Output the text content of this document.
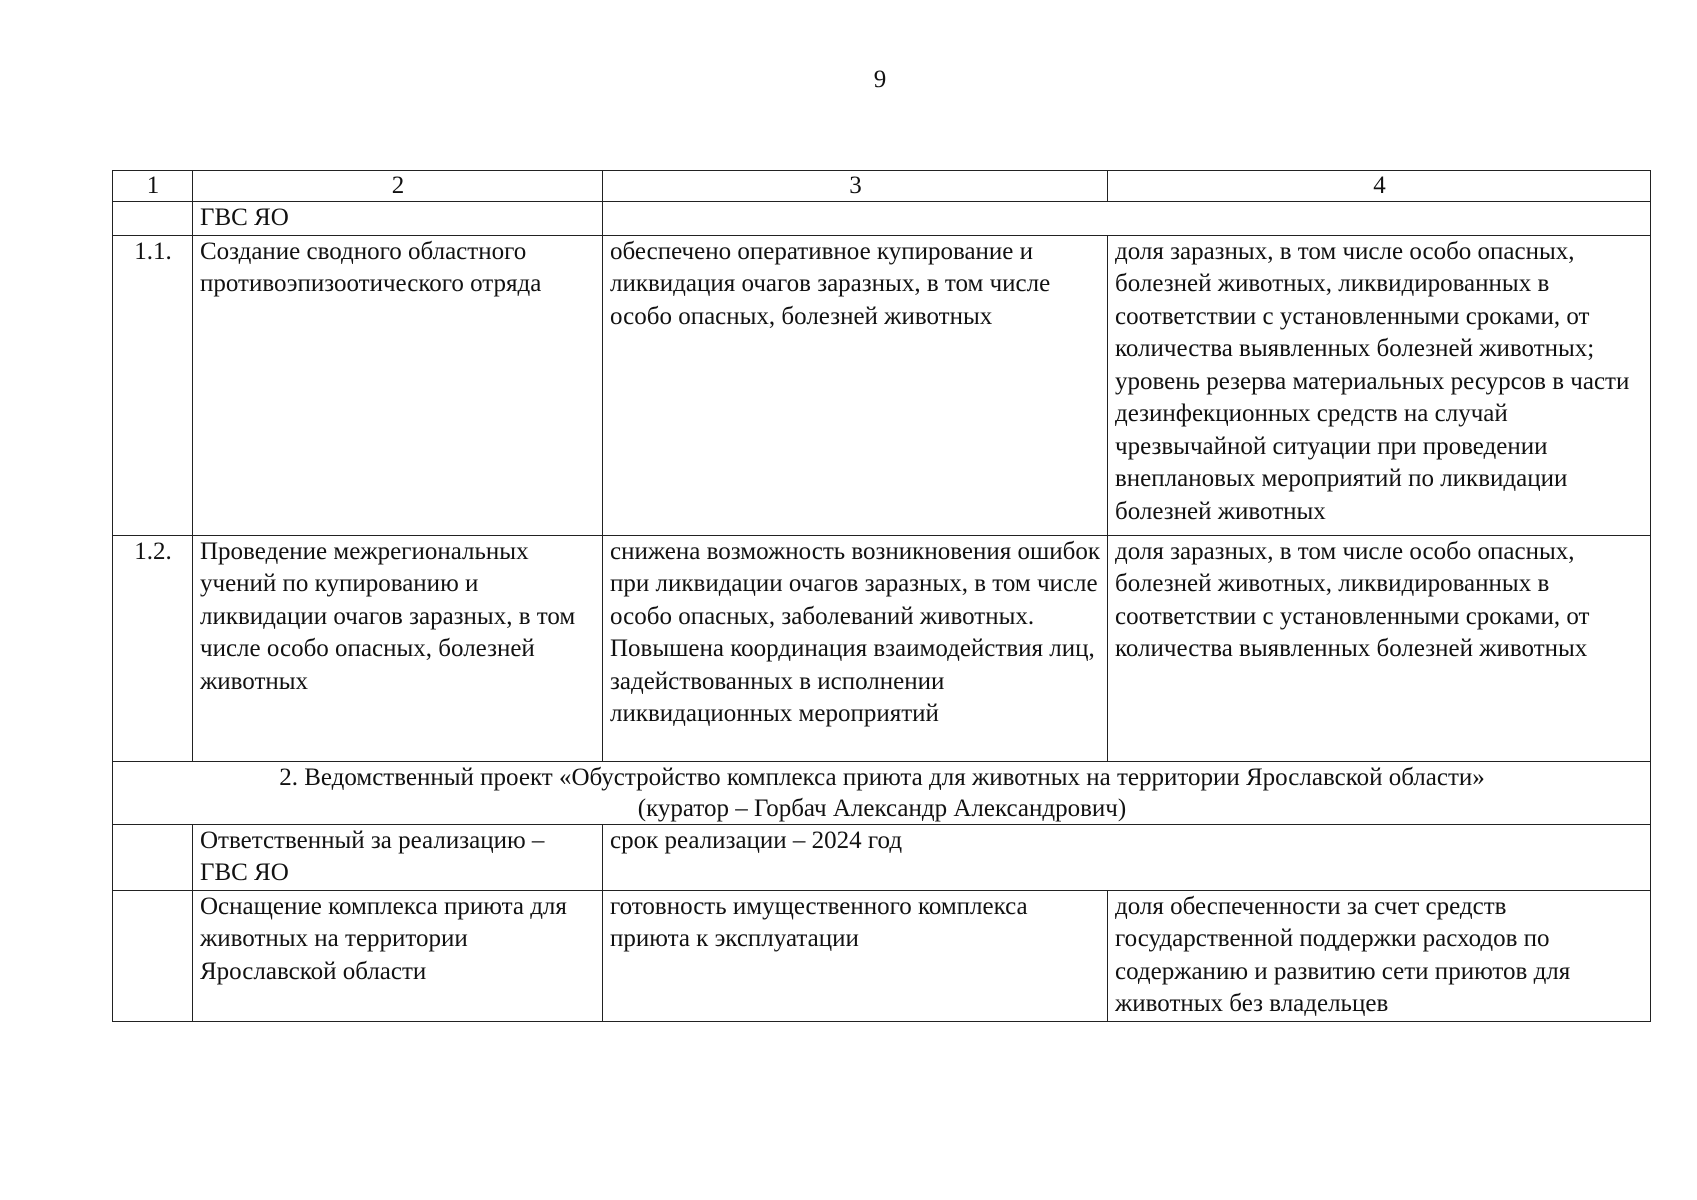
9
1	2	3	4
	ГВС ЯО		
1.1.	Создание сводного областного противоэпизоотического отряда	обеспечено оперативное купирование и ликвидация очагов заразных, в том числе особо опасных, болезней животных	доля заразных, в том числе особо опасных, болезней животных, ликвидированных в соответствии с установленными сроками, от количества выявленных болезней животных; уровень резерва материальных ресурсов в части дезинфекционных средств на случай чрезвычайной ситуации при проведении внеплановых мероприятий по ликвидации болезней животных
1.2.	Проведение межрегиональных учений по купированию и ликвидации очагов заразных, в том числе особо опасных, болезней животных	снижена возможность возникновения ошибок при ликвидации очагов заразных, в том числе особо опасных, заболеваний животных. Повышена координация взаимодействия лиц, задействованных в исполнении ликвидационных мероприятий	доля заразных, в том числе особо опасных, болезней животных, ликвидированных в соответствии с установленными сроками, от количества выявленных болезней животных

2. Ведомственный проект «Обустройство комплекса приюта для животных на территории Ярославской области»
(куратор – Горбач Александр Александрович)			

	Ответственный за реализацию – ГВС ЯО	срок реализации – 2024 год	
	Оснащение комплекса приюта для животных на территории Ярославской области	готовность имущественного комплекса приюта к эксплуатации	доля обеспеченности за счет средств государственной поддержки расходов по содержанию и развитию сети приютов для животных без владельцев
